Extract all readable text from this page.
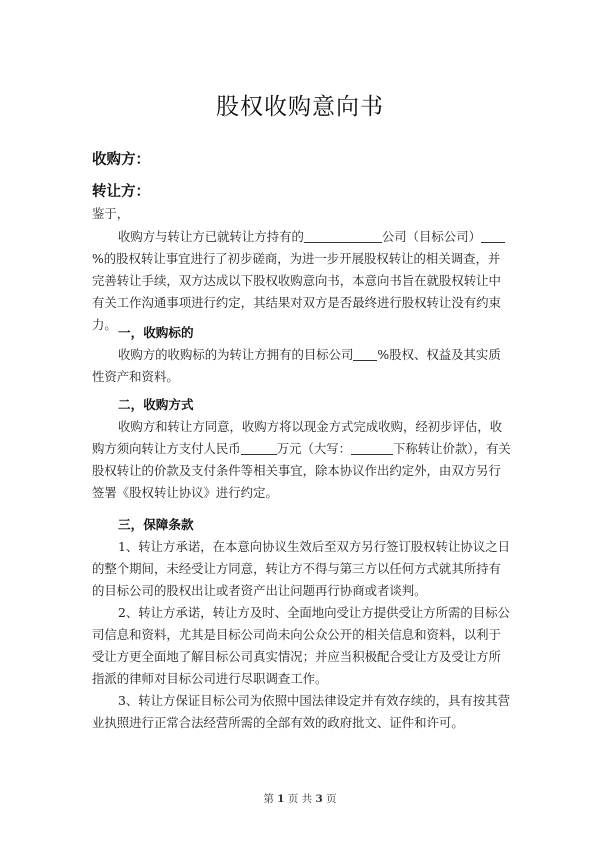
股权收购意向书
收购方：
转让方：

鉴于，

收购方与转让方已就转让方持有的	公司（目标公司）%的股权转让事宜进行了初步磋商，为进一步开展股权转让的相关调查，并完善转让手续，双方达成以下股权收购意向书，本意向书旨在就股权转让中有关工作沟通事项进行约定，其结果对双方是否最终进行股权转让没有约束力。

一，收购标的

收购方的收购标的为转让方拥有的目标公司 %股权、权益及其实质性资产和资料。

二，收购方式

收购方和转让方同意，收购方将以现金方式完成收购，经初步评估，收购方须向转让方支付人民币	万元（大写：	下称转让价款），有关股权转让的价款及支付条件等相关事宜，除本协议作出约定外，由双方另行签署《股权转让协议》进行约定。

三，保障条款

1、转让方承诺，在本意向协议生效后至双方另行签订股权转让协议之日的整个期间，未经受让方同意，转让方不得与第三方以任何方式就其所持有的目标公司的股权出让或者资产出让问题再行协商或者谈判。

2、转让方承诺，转让方及时、全面地向受让方提供受让方所需的目标公司信息和资料，尤其是目标公司尚未向公众公开的相关信息和资料，以利于受让方更全面地了解目标公司真实情况；并应当积极配合受让方及受让方所指派的律师对目标公司进行尽职调查工作。

3、转让方保证目标公司为依照中国法律设定并有效存续的，具有按其营业执照进行正常合法经营所需的全部有效的政府批文、证件和许可。

第 1 页 共 3 页
